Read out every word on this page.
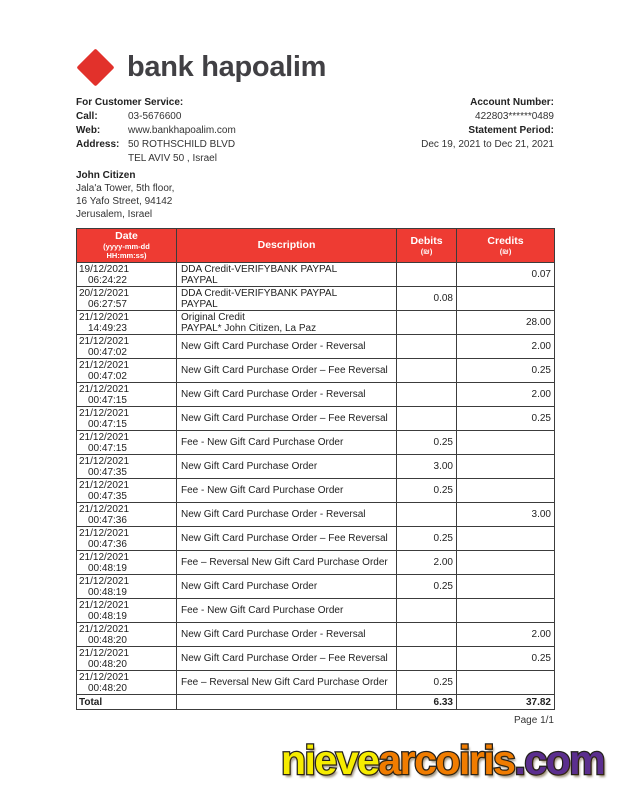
bank hapoalim
For Customer Service:
Call:	03-5676600
Web:	www.bankhapoalim.com
Address: 50 ROTHSCHILD BLVD
TEL AVIV 50 , Israel
Account Number:
422803******0489
Statement Period:
Dec 19, 2021 to Dec 21, 2021
John Citizen
Jala'a Tower, 5th floor,
16 Yafo Street, 94142
Jerusalem, Israel
Date
(yyyy-mm-dd
HH:mm:ss)

Description	Debits
(₪)

Credits
(₪)

19/12/2021
06:24:22

DDA Credit-VERIFYBANK PAYPAL
PAYPAL		0.07

20/12/2021
06:27:57

DDA Credit-VERIFYBANK PAYPAL
PAYPAL	0.08	

21/12/2021
14:49:23

Original Credit
PAYPAL* John Citizen, La Paz		28.00

21/12/2021
00:47:02	New Gift Card Purchase Order - Reversal		2.00

21/12/2021
00:47:02	New Gift Card Purchase Order – Fee Reversal		0.25

21/12/2021
00:47:15	New Gift Card Purchase Order - Reversal		2.00

21/12/2021
00:47:15	New Gift Card Purchase Order – Fee Reversal		0.25

21/12/2021
00:47:15	Fee - New Gift Card Purchase Order	0.25	

21/12/2021
00:47:35	New Gift Card Purchase Order	3.00	

21/12/2021
00:47:35	Fee - New Gift Card Purchase Order	0.25	

21/12/2021
00:47:36	New Gift Card Purchase Order - Reversal		3.00

21/12/2021
00:47:36	New Gift Card Purchase Order – Fee Reversal	0.25	

21/12/2021
00:48:19	Fee – Reversal New Gift Card Purchase Order	2.00	

21/12/2021
00:48:19	New Gift Card Purchase Order	0.25	

21/12/2021
00:48:19	Fee - New Gift Card Purchase Order		

21/12/2021
00:48:20	New Gift Card Purchase Order - Reversal		2.00

21/12/2021
00:48:20	New Gift Card Purchase Order – Fee Reversal		0.25

21/12/2021
00:48:20	Fee – Reversal New Gift Card Purchase Order	0.25	
Total		6.33	37.82
Page 1/1
nievearcoiris.com
